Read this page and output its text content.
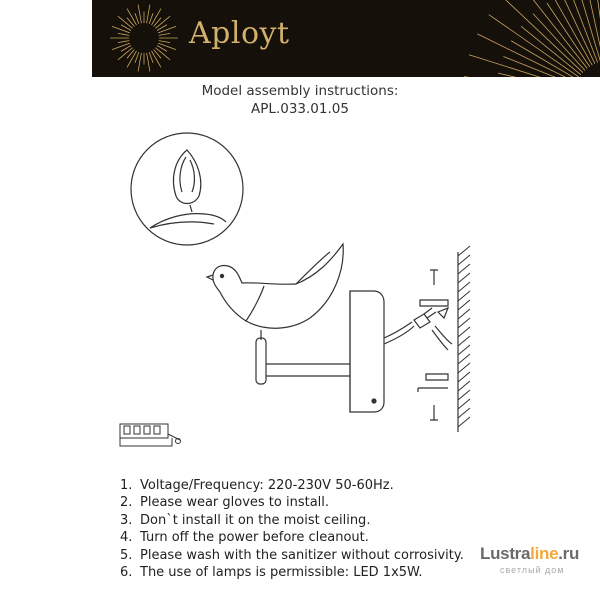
Aployt
Model assembly instructions:
APL.033.01.05
1. Voltage/Frequency: 220-230V 50-60Hz.
2. Please wear gloves to install.
3. Don`t install it on the moist ceiling.
4. Turn off the power before cleanout.
5. Please wash with the sanitizer without corrosivity.
6. The use of lamps is permissible: LED 1x5W.
Lustraline.ru
светлый дом
